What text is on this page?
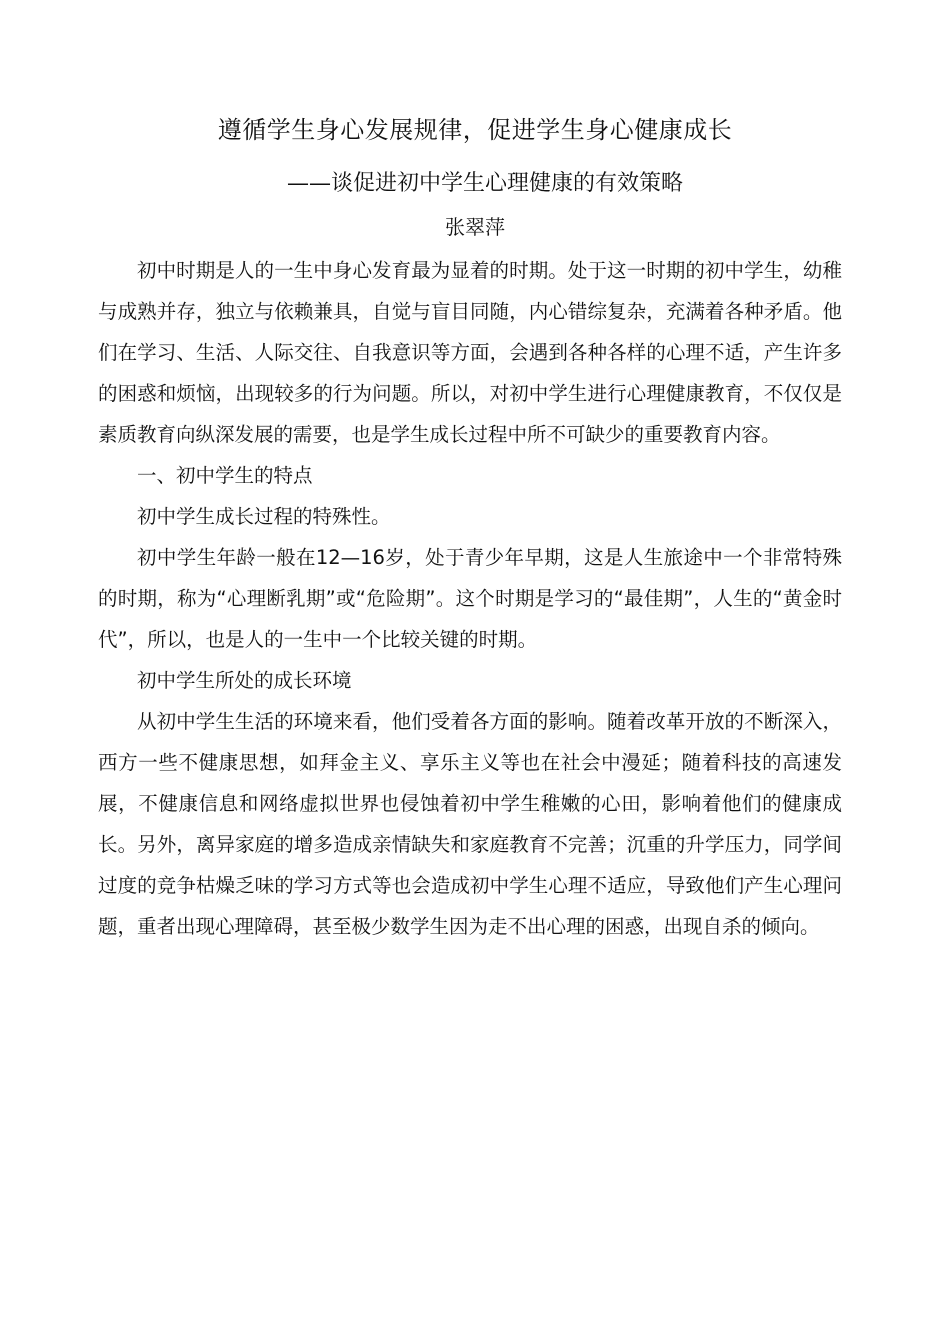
遵循学生身心发展规律，促进学生身心健康成长
——谈促进初中学生心理健康的有效策略
张翠萍

初中时期是人的一生中身心发育最为显着的时期。处于这一时期的初中学生，幼稚与成熟并存，独立与依赖兼具，自觉与盲目同随，内心错综复杂，充满着各种矛盾。他们在学习、生活、人际交往、自我意识等方面，会遇到各种各样的心理不适，产生许多的困惑和烦恼，出现较多的行为问题。所以，对初中学生进行心理健康教育，不仅仅是素质教育向纵深发展的需要，也是学生成长过程中所不可缺少的重要教育内容。

一、初中学生的特点

初中学生成长过程的特殊性。

初中学生年龄一般在12—16岁，处于青少年早期，这是人生旅途中一个非常特殊的时期，称为“心理断乳期”或“危险期”。这个时期是学习的“最佳期”，人生的“黄金时代”，所以，也是人的一生中一个比较关键的时期。

初中学生所处的成长环境

从初中学生生活的环境来看，他们受着各方面的影响。随着改革开放的不断深入，西方一些不健康思想，如拜金主义、享乐主义等也在社会中漫延；随着科技的高速发展，不健康信息和网络虚拟世界也侵蚀着初中学生稚嫩的心田，影响着他们的健康成长。另外，离异家庭的增多造成亲情缺失和家庭教育不完善；沉重的升学压力，同学间过度的竞争枯燥乏味的学习方式等也会造成初中学生心理不适应，导致他们产生心理问题，重者出现心理障碍，甚至极少数学生因为走不出心理的困惑，出现自杀的倾向。
